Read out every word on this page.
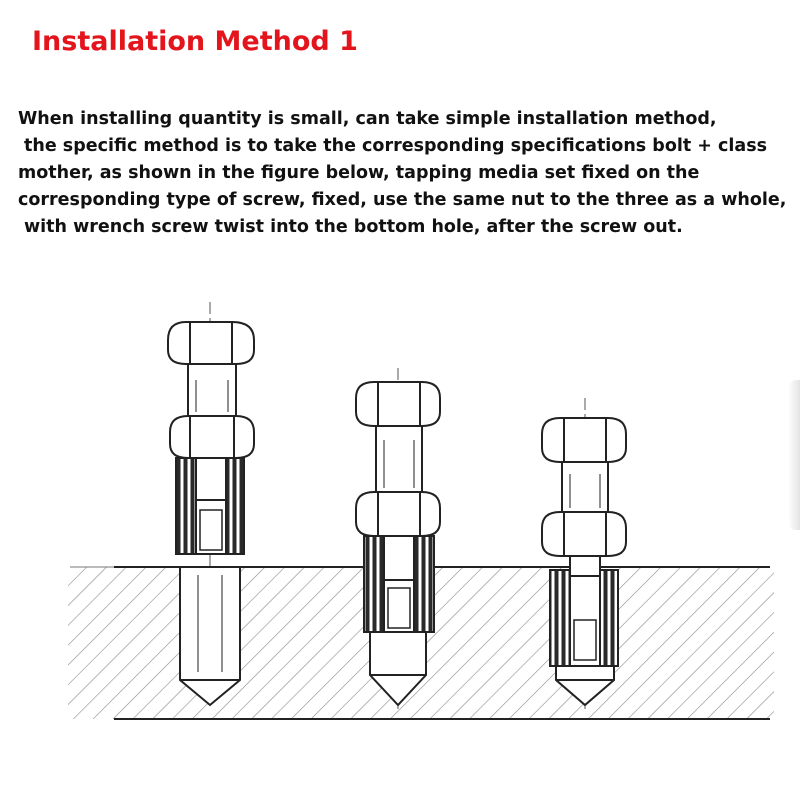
Installation Method 1
When installing quantity is small, can take simple installation method,
the specific method is to take the corresponding specifications bolt + class
mother, as shown in the figure below, tapping media set fixed on the
corresponding type of screw, fixed, use the same nut to the three as a whole,
with wrench screw twist into the bottom hole, after the screw out.
